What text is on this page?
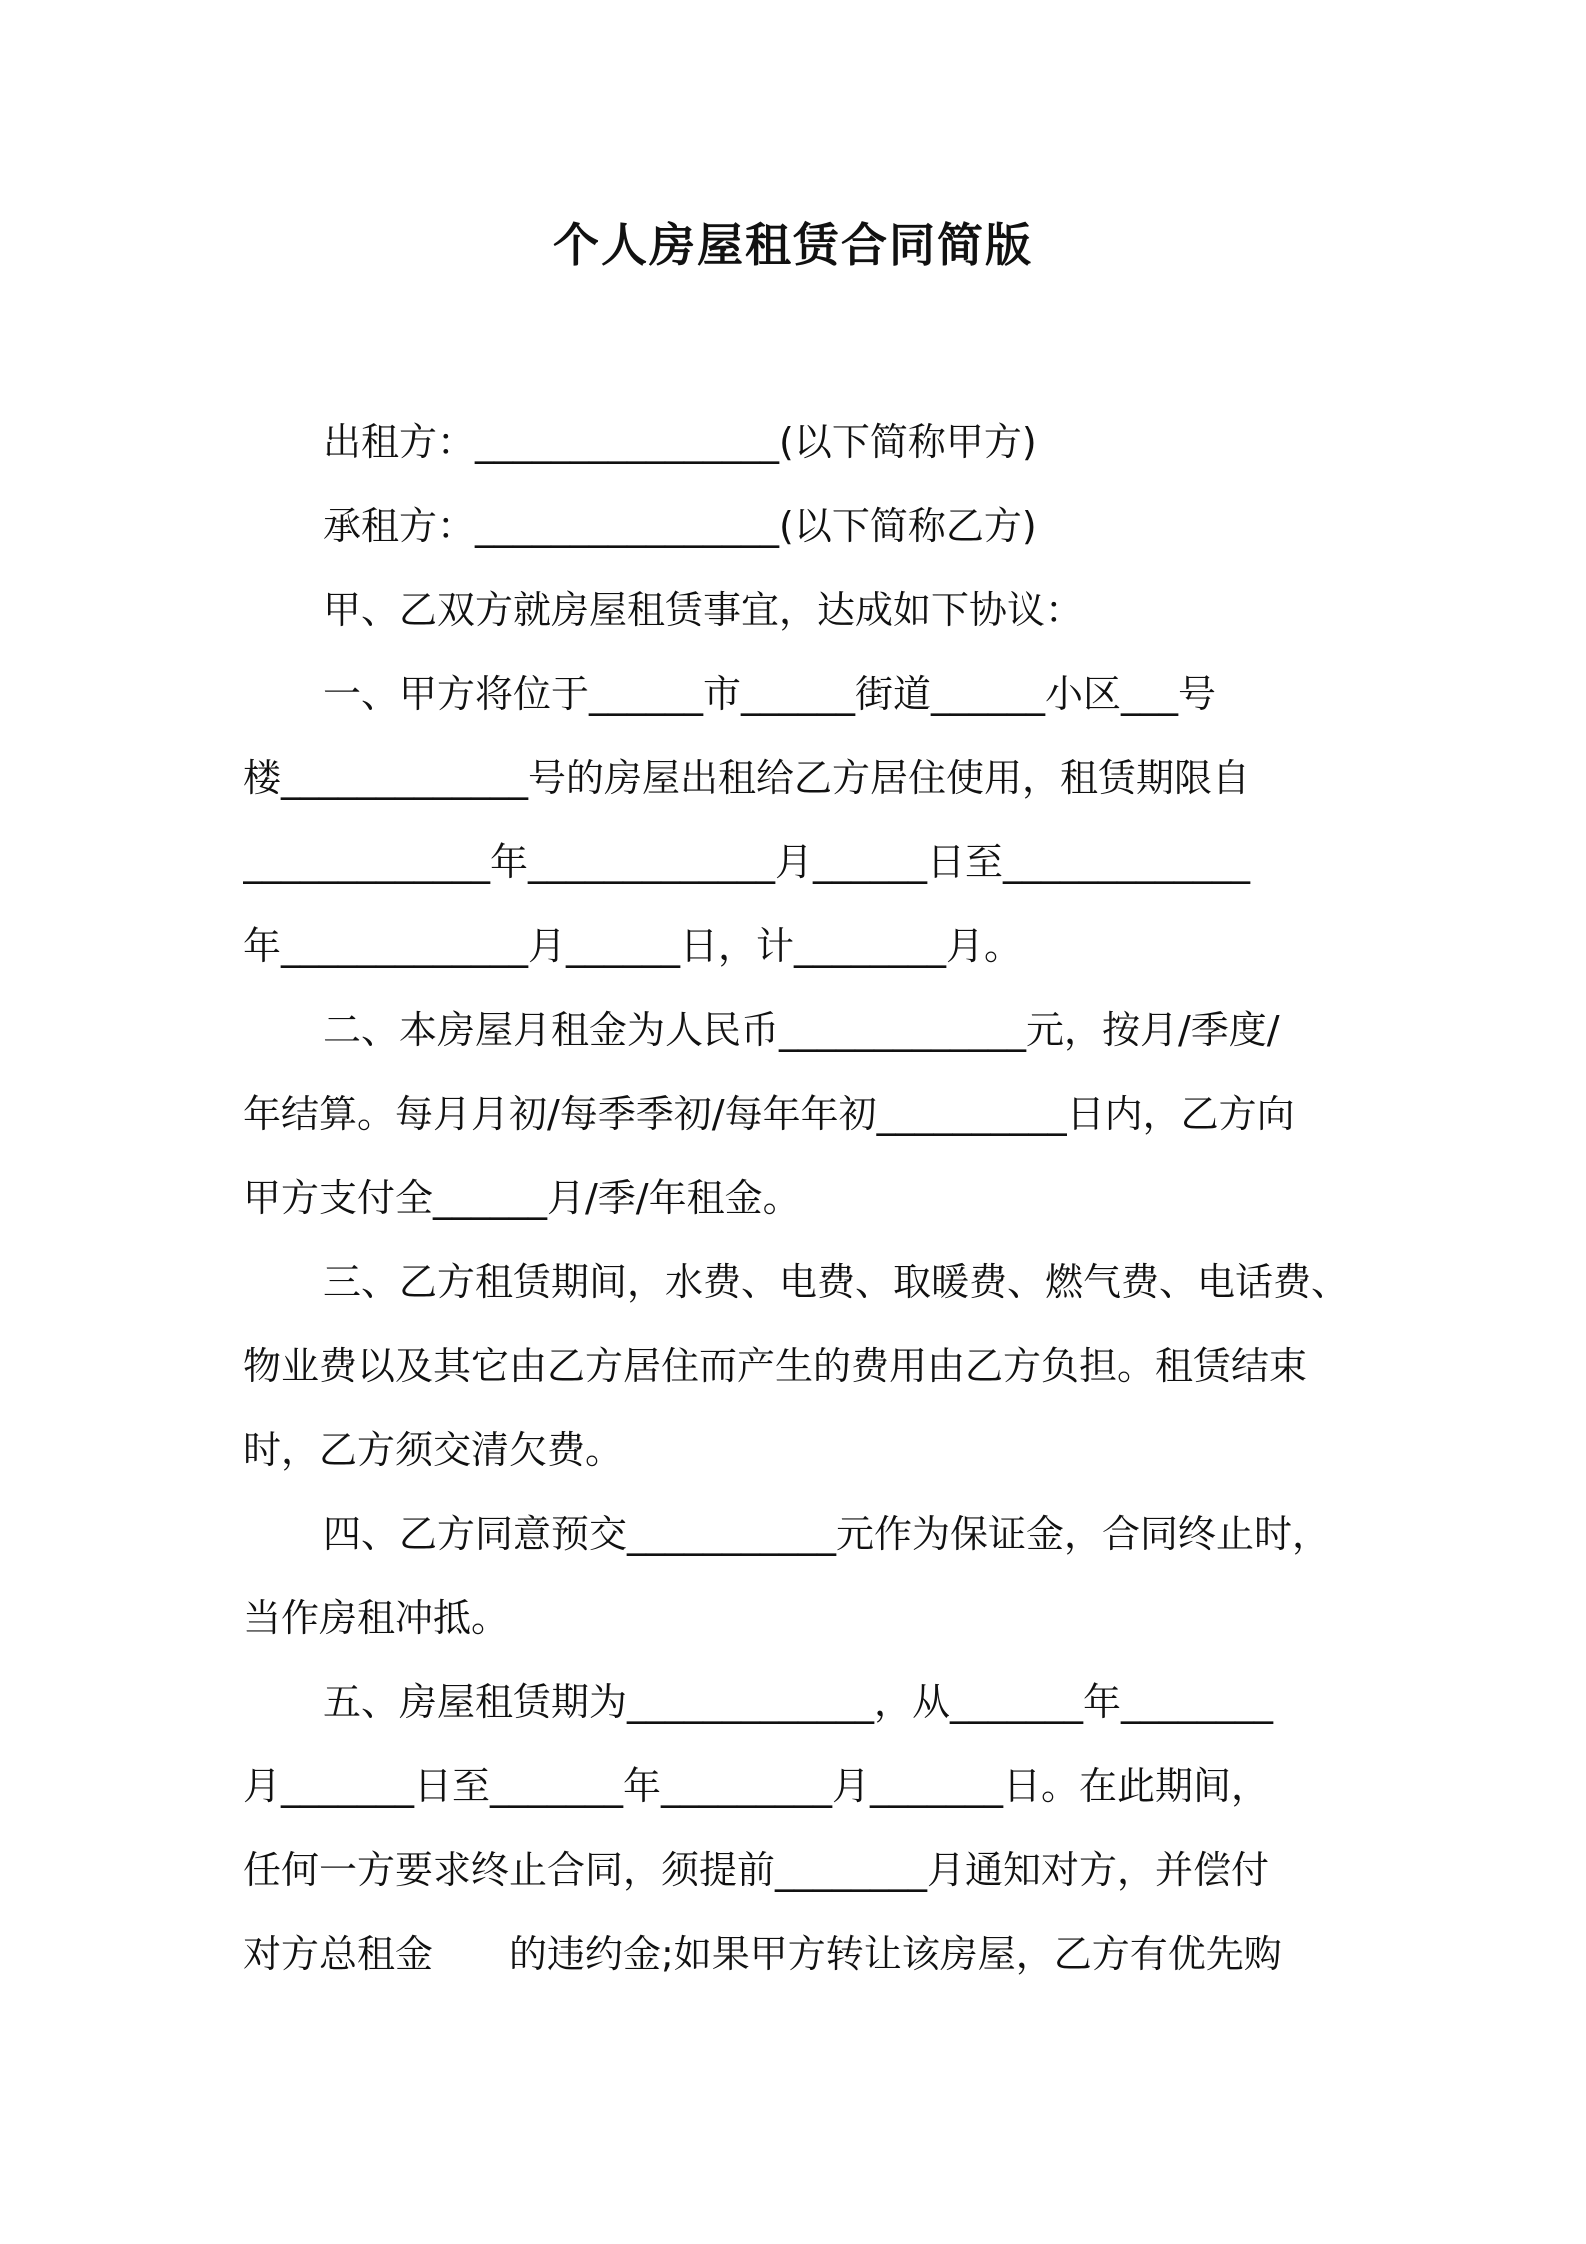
个人房屋租赁合同简版
出租方：________________(以下简称甲方)
承租方：________________(以下简称乙方)
甲、乙双方就房屋租赁事宜，达成如下协议：
一、甲方将位于______市______街道______小区___号
楼_____________号的房屋出租给乙方居住使用，租赁期限自
_____________年_____________月______日至_____________
年_____________月______日，计________月。
二、本房屋月租金为人民币_____________元，按月/季度/
年结算。每月月初/每季季初/每年年初__________日内，乙方向
甲方支付全______月/季/年租金。
三、乙方租赁期间，水费、电费、取暖费、燃气费、电话费、
物业费以及其它由乙方居住而产生的费用由乙方负担。租赁结束
时，乙方须交清欠费。
四、乙方同意预交___________元作为保证金，合同终止时，
当作房租冲抵。
五、房屋租赁期为_____________，从_______年________
月_______日至_______年_________月_______日。在此期间，
任何一方要求终止合同，须提前________月通知对方，并偿付
对方总租金　　的违约金;如果甲方转让该房屋，乙方有优先购
